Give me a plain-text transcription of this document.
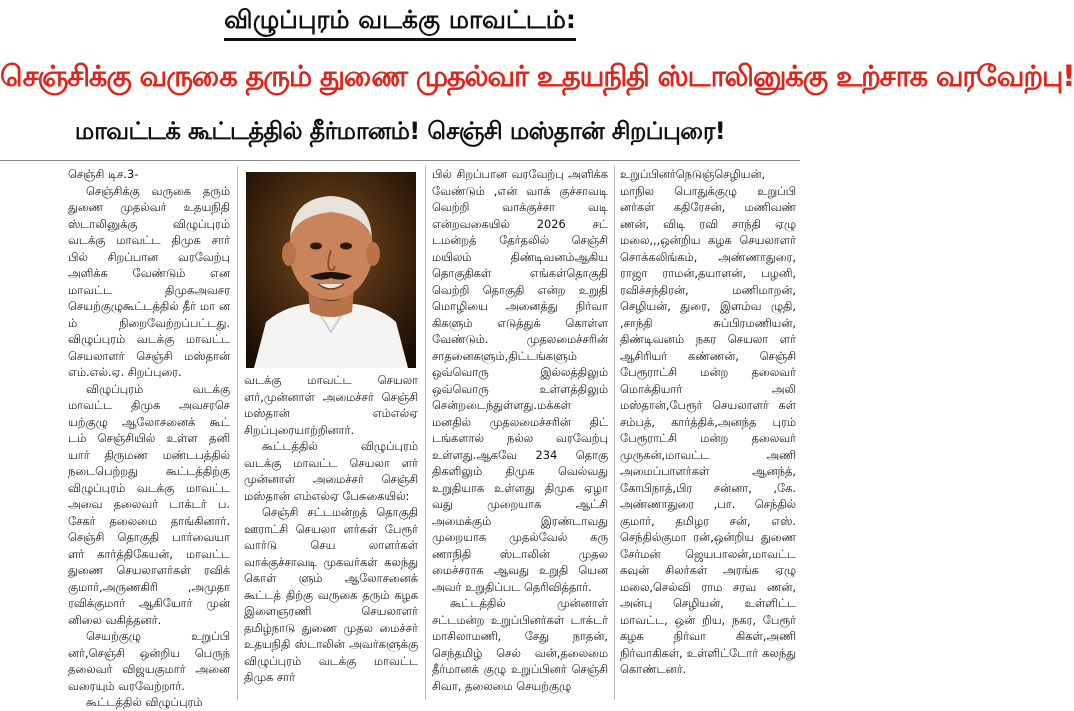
விழுப்புரம் வடக்கு மாவட்டம்:
செஞ்சிக்கு வருகை தரும் துணை முதல்வர் உதயநிதி ஸ்டாலினுக்கு உற்சாக வரவேற்பு!
மாவட்டக் கூட்டத்தில் தீர்மானம்! செஞ்சி மஸ்தான் சிறப்புரை!

செஞ்சி டிச.3-

செஞ்சிக்கு வருகை தரும் துணை முதல்வர் உதயநிதி ஸ்டாலினுக்கு விழுப்புரம் வடக்கு மாவட்ட திமுக சார் பில் சிறப்பான வரவேற்பு அளிக்க வேண்டும் என மாவட்ட திமுகஅவசர செயற்குழுகூட்டத்தில் தீர் மா ன ம் நிறைவேற்றப்பட்டது. விழுப்புரம் வடக்கு மாவட்ட செயலாளர் செஞ்சி மஸ்தான் எம்.எல்.ஏ. சிறப்புரை.

விழுப்புரம் வடக்கு மாவட்ட திமுக அவசரசெ யற்குழு ஆலோசனைக் கூட் டம் செஞ்சியில் உள்ள தனி யார் திருமண மண்டபத்தில் நடைபெற்றது கூட்டத்திற்கு விழுப்புரம் வடக்கு மாவட்ட அவை தலைவர் டாக்டர் ப. சேகர் தலைமை தாங்கினார். செஞ்சி தொகுதி பார்வையா ளர் கார்த்திகேயன், மாவட்ட துணை செயலாளர்கள் ரவிக் குமார்,அருணகிரி ,அமுதா ரவிக்குமார் ஆகியோர் முன் னிலை வகித்தனர்.

செயற்குழு உறுப்பி னர்,செஞ்சி ஒன்றிய பெருந் தலைவர் விஜயகுமார் அனை வரையும் வரவேற்றார்.

கூட்டத்தில் விழுப்புரம்

வடக்கு மாவட்ட செயலா ளர்,முன்னாள் அமைச்சர் செஞ்சி மஸ்தான் எம்எல்ஏ சிறப்புரையாற்றினார்.

கூட்டத்தில் விழுப்புரம் வடக்கு மாவட்ட செயலா ளர் முன்னாள் அமைச்சர் செஞ்சி மஸ்தான் எம்எல்ஏ பேசுகையில்:

செஞ்சி சட்டமன்றத் தொகுதி ஊராட்சி செயலா ளர்கள் பேரூர் வார்டு செய லாளர்கள் வாக்குச்சாவடி முகவர்கள் கலந்து கொள் ளும் ஆலோசனைக் கூட்டத் திற்கு வருகை தரும் கழக இளைஞரணி செயலாளர் தமிழ்நாடு துணை முதல மைச்சர் உதயநிதி ஸ்டாலின் அவர்களுக்கு விழுப்புரம் வடக்கு மாவட்ட திமுக சார்

பில் சிறப்பான வரவேற்பு அளிக்க வேண்டும் ,என் வாக் குச்சாவடி வெற்றி வாக்குச்சா வடி என்றவகையில் 2026 சட் டமன்றத் தேர்தலில் செஞ்சி மயிலம் திண்டிவனம்ஆகிய தொகுதிகள் எங்கள்தொகுதி வெற்றி தொகுதி என்ற உறுதி மொழியை அனைத்து நிர்வா கிகளும் எடுத்துக் கொள்ள வேண்டும். முதலமைச்சரின் சாதனைகளும்,திட்டங்களும் ஒவ்வொரு இல்லத்திலும் ஒவ்வொரு உள்ளத்திலும் சென்றடைந்துள்ளது.மக்கள் மனதில் முதலமைச்சரின் திட் டங்களால் நல்ல வரவேற்பு உள்ளது.ஆகவே 234 தொகு திகளிலும் திமுக வெல்வது உறுதியாக உள்ளது திமுக ஏழா வது முறையாக ஆட்சி அமைக்கும் இரண்டாவது முறையாக முதல்வேல் கரு ணாநிதி ஸ்டாலின் முதல மைச்சராக ஆவது உறுதி யென அவர் உறுதிப்பட தெரிவித்தார்.

கூட்டத்தில் முன்னாள் சட்டமன்ற உறுப்பினர்கள் டாக்டர் மாசிலாமணி, சேது நாதன், செந்தமிழ் செல் வன்,தலைமை தீர்மானக் குழு உறுப்பினர் செஞ்சி சிவா, தலைமை செயற்குழு

உறுப்பினர்நெடுஞ்செழியன், மாநில பொதுக்குழு உறுப்பி னர்கள் கதிரேசன், மணிவண் ணன், விடி ரவி சாந்தி ஏழு மலை,,,ஒன்றிய கழக செயலாளர் சொக்கலிங்கம், அண்ணாதுரை, ராஜா ராமன்,தயாளன், பழனி, ரவிச்சந்திரன், மணிமாறன், செழியன், துரை, இளம்வ ழுதி, ,சாந்தி சுப்பிரமணியன், திண்டிவனம் நகர செயலா ளர் ஆசிரியர் கண்ணன், செஞ்சி பேரூராட்சி மன்ற தலைவர் மொக்தியார் அலி மஸ்தான்,பேரூர் செயலாளர் கள் சம்பத், கார்த்திக்,அனந்த புரம் பேரூராட்சி மன்ற தலைவர் முருகன்,மாவட்ட அணி அமைப்பாளர்கள் ஆனந்த், கோபிநாத்,பிர சன்னா, ,கே. அண்ணாதுரை ,பா. செந்தில் குமார், தமிழர சன், எஸ். செந்தில்குமா ரன்,ஒன்றிய துணை சேர்மன் ஜெயபாலன்,மாவட்ட கவுன் சிலர்கள் அரங்க ஏழு மலை,செல்வி ராம சரவ ணன், அன்பு செழியன், உள்ளிட்ட மாவட்ட, ஒன் றிய, நகர, பேரூர் கழக நிர்வா கிகள்,அணி நிர்வாகிகள், உள்ளிட்டோர் கலந்து கொண்டனர்.
